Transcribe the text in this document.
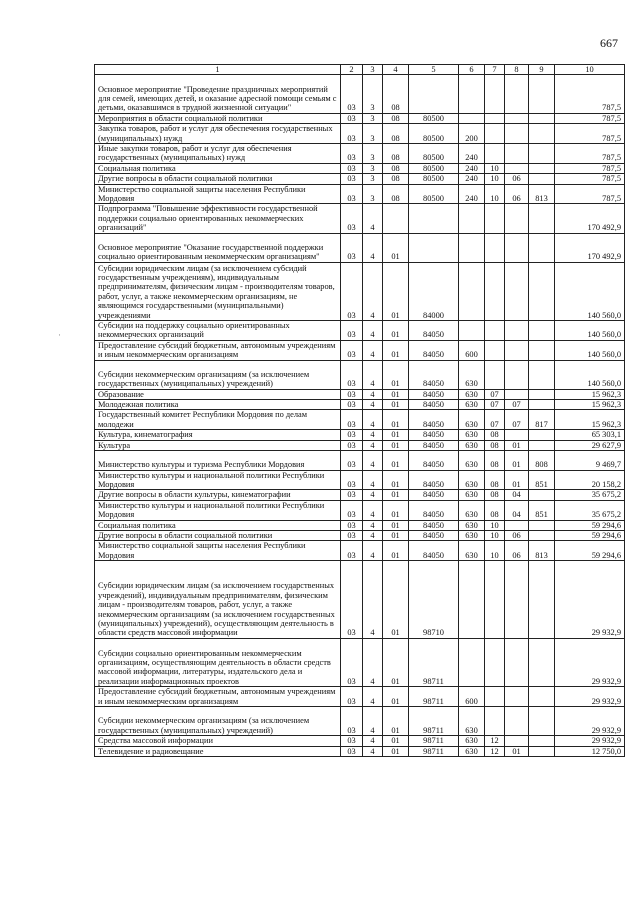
667
·
1	2	3	4	5	6	7	8	9	10
Основное мероприятие "Проведение праздничных мероприятий для семей, имеющих детей, и оказание адресной помощи семьям с детьми, оказавшимся в трудной жизненной ситуации"	03	3	08						787,5
Мероприятия в области социальной политики	03	3	08	80500					787,5
Закупка товаров, работ и услуг для обеспечения государственных (муниципальных) нужд	03	3	08	80500	200				787,5
Иные закупки товаров, работ и услуг для обеспечения государственных (муниципальных) нужд	03	3	08	80500	240				787,5
Социальная политика	03	3	08	80500	240	10			787,5
Другие вопросы в области социальной политики	03	3	08	80500	240	10	06		787,5
Министерство социальной защиты населения Республики Мордовия	03	3	08	80500	240	10	06	813	787,5
Подпрограмма "Повышение эффективности государственной поддержки социально ориентированных некоммерческих организаций"	03	4							170 492,9
Основное мероприятие "Оказание государственной поддержки социально ориентированным некоммерческим организациям"	03	4	01						170 492,9
Субсидии юридическим лицам (за исключением субсидий государственным учреждениям), индивидуальным предпринимателям, физическим лицам - производителям товаров, работ, услуг, а также некоммерческим организациям, не являющимся государственными (муниципальными) учреждениями	03	4	01	84000					140 560,0
Субсидии на поддержку социально ориентированных некоммерческих организаций	03	4	01	84050					140 560,0
Предоставление субсидий бюджетным, автономным учреждениям и иным некоммерческим организациям	03	4	01	84050	600				140 560,0
Субсидии некоммерческим организациям (за исключением государственных (муниципальных) учреждений)	03	4	01	84050	630				140 560,0
Образование	03	4	01	84050	630	07			15 962,3
Молодежная политика	03	4	01	84050	630	07	07		15 962,3
Государственный комитет Республики Мордовия по делам молодежи	03	4	01	84050	630	07	07	817	15 962,3
Культура, кинематография	03	4	01	84050	630	08			65 303,1
Культура	03	4	01	84050	630	08	01		29 627,9
Министерство культуры и туризма Республики Мордовия	03	4	01	84050	630	08	01	808	9 469,7
Министерство культуры и национальной политики Республики Мордовия	03	4	01	84050	630	08	01	851	20 158,2
Другие вопросы в области культуры, кинематографии	03	4	01	84050	630	08	04		35 675,2
Министерство культуры и национальной политики Республики Мордовия	03	4	01	84050	630	08	04	851	35 675,2
Социальная политика	03	4	01	84050	630	10			59 294,6
Другие вопросы в области социальной политики	03	4	01	84050	630	10	06		59 294,6
Министерство социальной защиты населения Республики Мордовия	03	4	01	84050	630	10	06	813	59 294,6
Субсидии юридическим лицам (за исключением государственных учреждений), индивидуальным предпринимателям, физическим лицам - производителям товаров, работ, услуг, а также некоммерческим организациям (за исключением государственных (муниципальных) учреждений), осуществляющим деятельность в области средств массовой информации	03	4	01	98710					29 932,9
Субсидии социально ориентированным некоммерческим организациям, осуществляющим деятельность в области средств массовой информации, литературы, издательского дела и реализации информационных проектов	03	4	01	98711					29 932,9
Предоставление субсидий бюджетным, автономным учреждениям и иным некоммерческим организациям	03	4	01	98711	600				29 932,9
Субсидии некоммерческим организациям (за исключением государственных (муниципальных) учреждений)	03	4	01	98711	630				29 932,9
Средства массовой информации	03	4	01	98711	630	12			29 932,9
Телевидение и радиовещание	03	4	01	98711	630	12	01		12 750,0
